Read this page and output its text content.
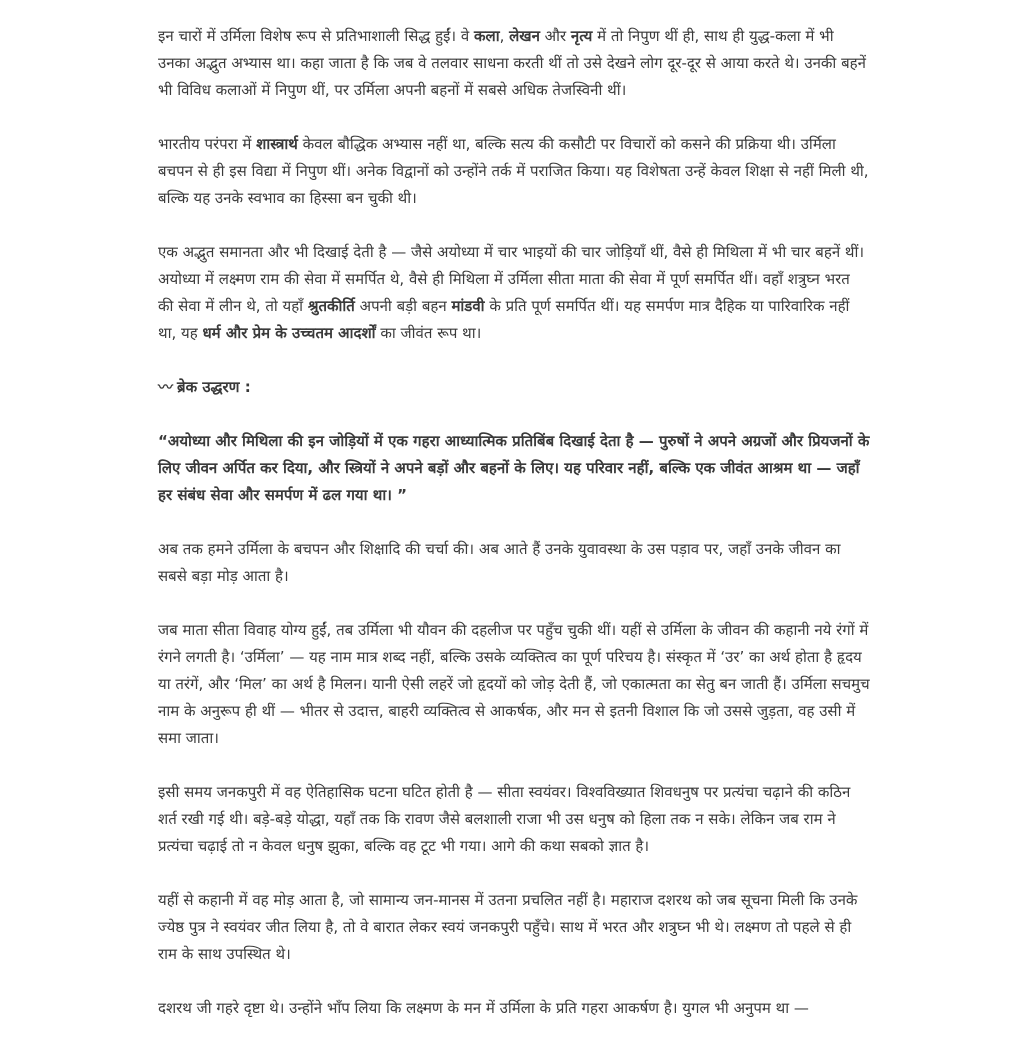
इन चारों में उर्मिला विशेष रूप से प्रतिभाशाली सिद्ध हुईं। वे कला, लेखन और नृत्य में तो निपुण थीं ही, साथ ही युद्ध-कला में भी उनका अद्भुत अभ्यास था। कहा जाता है कि जब वे तलवार साधना करती थीं तो उसे देखने लोग दूर-दूर से आया करते थे। उनकी बहनें भी विविध कलाओं में निपुण थीं, पर उर्मिला अपनी बहनों में सबसे अधिक तेजस्विनी थीं।

भारतीय परंपरा में शास्त्रार्थ केवल बौद्धिक अभ्यास नहीं था, बल्कि सत्य की कसौटी पर विचारों को कसने की प्रक्रिया थी। उर्मिला बचपन से ही इस विद्या में निपुण थीं। अनेक विद्वानों को उन्होंने तर्क में पराजित किया। यह विशेषता उन्हें केवल शिक्षा से नहीं मिली थी, बल्कि यह उनके स्वभाव का हिस्सा बन चुकी थी।

एक अद्भुत समानता और भी दिखाई देती है — जैसे अयोध्या में चार भाइयों की चार जोड़ियाँ थीं, वैसे ही मिथिला में भी चार बहनें थीं। अयोध्या में लक्ष्मण राम की सेवा में समर्पित थे, वैसे ही मिथिला में उर्मिला सीता माता की सेवा में पूर्ण समर्पित थीं। वहाँ शत्रुघ्न भरत की सेवा में लीन थे, तो यहाँ श्रुतकीर्ति अपनी बड़ी बहन मांडवी के प्रति पूर्ण समर्पित थीं। यह समर्पण मात्र दैहिक या पारिवारिक नहीं था, यह धर्म और प्रेम के उच्चतम आदर्शों का जीवंत रूप था।

〰 ब्रेक उद्धरण :

“अयोध्या और मिथिला की इन जोड़ियों में एक गहरा आध्यात्मिक प्रतिबिंब दिखाई देता है — पुरुषों ने अपने अग्रजों और प्रियजनों के लिए जीवन अर्पित कर दिया, और स्त्रियों ने अपने बड़ों और बहनों के लिए। यह परिवार नहीं, बल्कि एक जीवंत आश्रम था — जहाँ हर संबंध सेवा और समर्पण में ढल गया था। ”

अब तक हमने उर्मिला के बचपन और शिक्षादि की चर्चा की। अब आते हैं उनके युवावस्था के उस पड़ाव पर, जहाँ उनके जीवन का सबसे बड़ा मोड़ आता है।

जब माता सीता विवाह योग्य हुईं, तब उर्मिला भी यौवन की दहलीज पर पहुँच चुकी थीं। यहीं से उर्मिला के जीवन की कहानी नये रंगों में रंगने लगती है। ‘उर्मिला’ — यह नाम मात्र शब्द नहीं, बल्कि उसके व्यक्तित्व का पूर्ण परिचय है। संस्कृत में ‘उर’ का अर्थ होता है हृदय या तरंगें, और ‘मिल’ का अर्थ है मिलन। यानी ऐसी लहरें जो हृदयों को जोड़ देती हैं, जो एकात्मता का सेतु बन जाती हैं। उर्मिला सचमुच नाम के अनुरूप ही थीं — भीतर से उदात्त, बाहरी व्यक्तित्व से आकर्षक, और मन से इतनी विशाल कि जो उससे जुड़ता, वह उसी में समा जाता।

इसी समय जनकपुरी में वह ऐतिहासिक घटना घटित होती है — सीता स्वयंवर। विश्वविख्यात शिवधनुष पर प्रत्यंचा चढ़ाने की कठिन शर्त रखी गई थी। बड़े-बड़े योद्धा, यहाँ तक कि रावण जैसे बलशाली राजा भी उस धनुष को हिला तक न सके। लेकिन जब राम ने प्रत्यंचा चढ़ाई तो न केवल धनुष झुका, बल्कि वह टूट भी गया। आगे की कथा सबको ज्ञात है।

यहीं से कहानी में वह मोड़ आता है, जो सामान्य जन-मानस में उतना प्रचलित नहीं है। महाराज दशरथ को जब सूचना मिली कि उनके ज्येष्ठ पुत्र ने स्वयंवर जीत लिया है, तो वे बारात लेकर स्वयं जनकपुरी पहुँचे। साथ में भरत और शत्रुघ्न भी थे। लक्ष्मण तो पहले से ही राम के साथ उपस्थित थे।

दशरथ जी गहरे दृष्टा थे। उन्होंने भाँप लिया कि लक्ष्मण के मन में उर्मिला के प्रति गहरा आकर्षण है। युगल भी अनुपम था —
